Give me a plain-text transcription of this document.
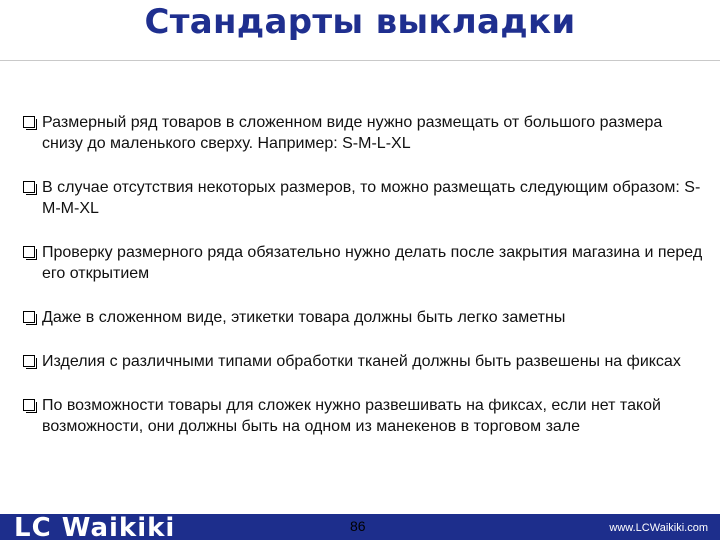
Стандарты выкладки
Размерный ряд товаров в сложенном виде нужно размещать от большого размера снизу до маленького сверху. Например: S-M-L-XL
В случае отсутствия некоторых размеров, то можно размещать следующим образом: S-M-M-XL
Проверку размерного ряда обязательно нужно делать после закрытия магазина и перед его открытием
Даже в сложенном виде, этикетки товара должны быть легко заметны
Изделия с различными типами обработки тканей должны быть развешены на фиксах
По возможности товары для сложек нужно развешивать на фиксах, если нет такой возможности, они должны быть на одном из манекенов в торговом зале
LC Waikiki	86	www.LCWaikiki.com
